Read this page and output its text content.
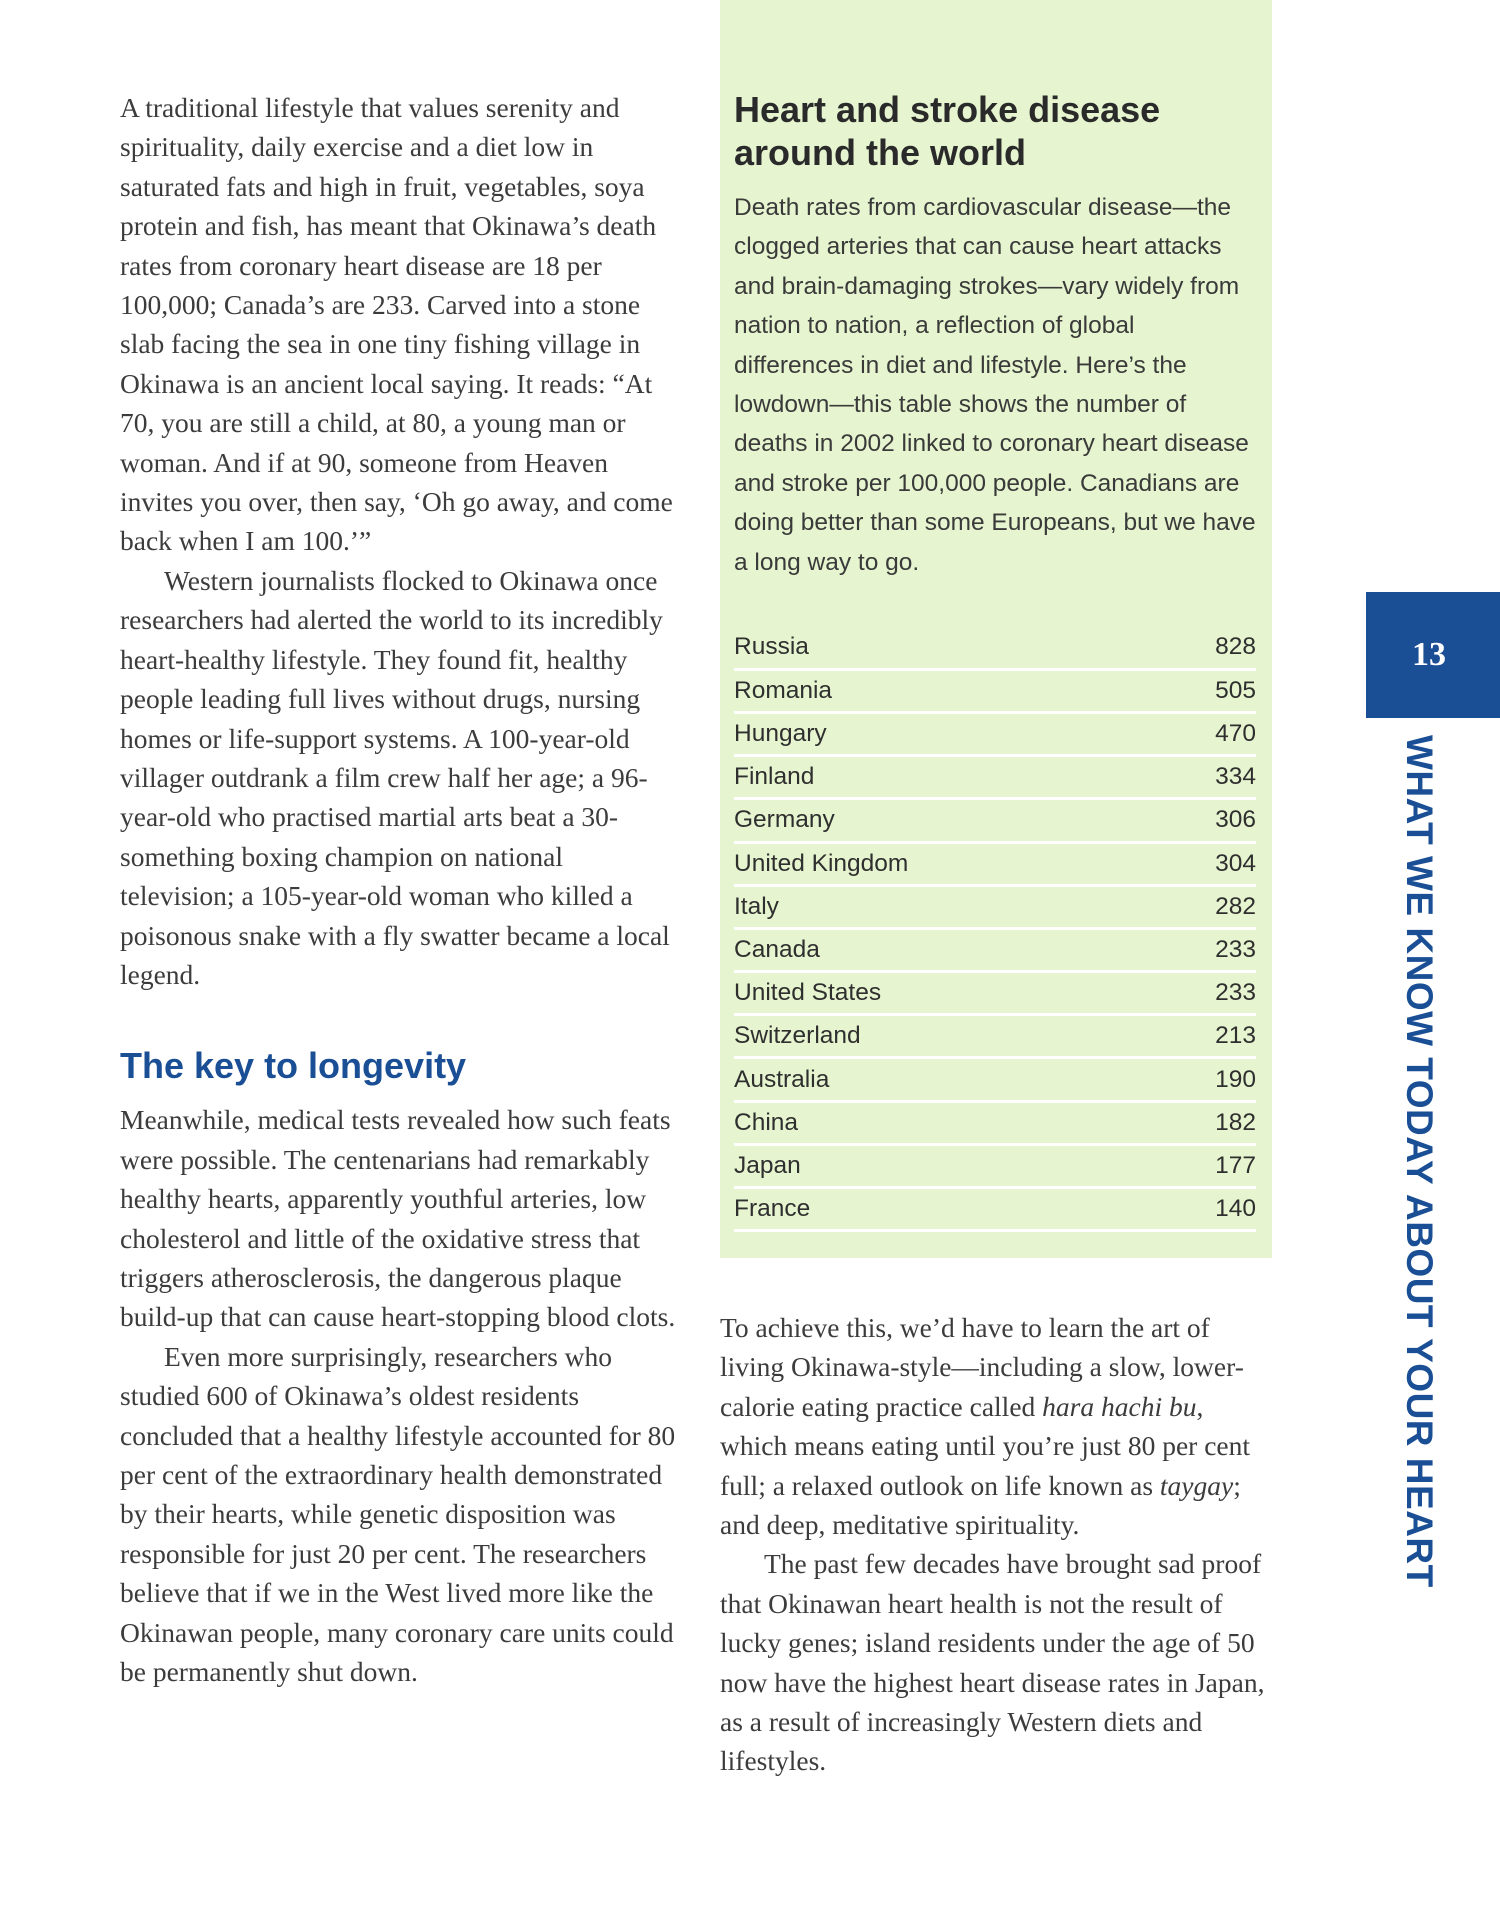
A traditional lifestyle that values serenity and spirituality, daily exercise and a diet low in saturated fats and high in fruit, vegetables, soya protein and fish, has meant that Okinawa’s death rates from coronary heart disease are 18 per 100,000; Canada’s are 233. Carved into a stone slab facing the sea in one tiny fishing village in Okinawa is an ancient local saying. It reads: “At 70, you are still a child, at 80, a young man or woman. And if at 90, someone from Heaven invites you over, then say, ‘Oh go away, and come back when I am 100.’”

Western journalists flocked to Okinawa once researchers had alerted the world to its incredibly heart-healthy lifestyle. They found fit, healthy people leading full lives without drugs, nursing homes or life-support systems. A 100-year-old villager outdrank a film crew half her age; a 96-year-old who practised martial arts beat a 30-something boxing champion on national television; a 105-year-old woman who killed a poisonous snake with a fly swatter became a local legend.

The key to longevity

Meanwhile, medical tests revealed how such feats were possible. The centenarians had remarkably healthy hearts, apparently youthful arteries, low cholesterol and little of the oxidative stress that triggers atherosclerosis, the dangerous plaque build-up that can cause heart-stopping blood clots.

Even more surprisingly, researchers who studied 600 of Okinawa’s oldest residents concluded that a healthy lifestyle accounted for 80 per cent of the extraordinary health demonstrated by their hearts, while genetic disposition was responsible for just 20 per cent. The researchers believe that if we in the West lived more like the Okinawan people, many coronary care units could be permanently shut down.

Heart and stroke disease around the world

Death rates from cardiovascular disease—the clogged arteries that can cause heart attacks and brain-damaging strokes—vary widely from nation to nation, a reflection of global differences in diet and lifestyle. Here’s the lowdown—this table shows the number of deaths in 2002 linked to coronary heart disease and stroke per 100,000 people. Canadians are doing better than some Europeans, but we have a long way to go.

Russia	828
Romania	505
Hungary	470
Finland	334
Germany	306
United Kingdom	304
Italy	282
Canada	233
United States	233
Switzerland	213
Australia	190
China	182
Japan	177
France	140

To achieve this, we’d have to learn the art of living Okinawa-style—including a slow, lower-calorie eating practice called hara hachi bu, which means eating until you’re just 80 per cent full; a relaxed outlook on life known as taygay; and deep, meditative spirituality.

The past few decades have brought sad proof that Okinawan heart health is not the result of lucky genes; island residents under the age of 50 now have the highest heart disease rates in Japan, as a result of increasingly Western diets and lifestyles.

13
WHAT WE KNOW TODAY ABOUT YOUR HEART
